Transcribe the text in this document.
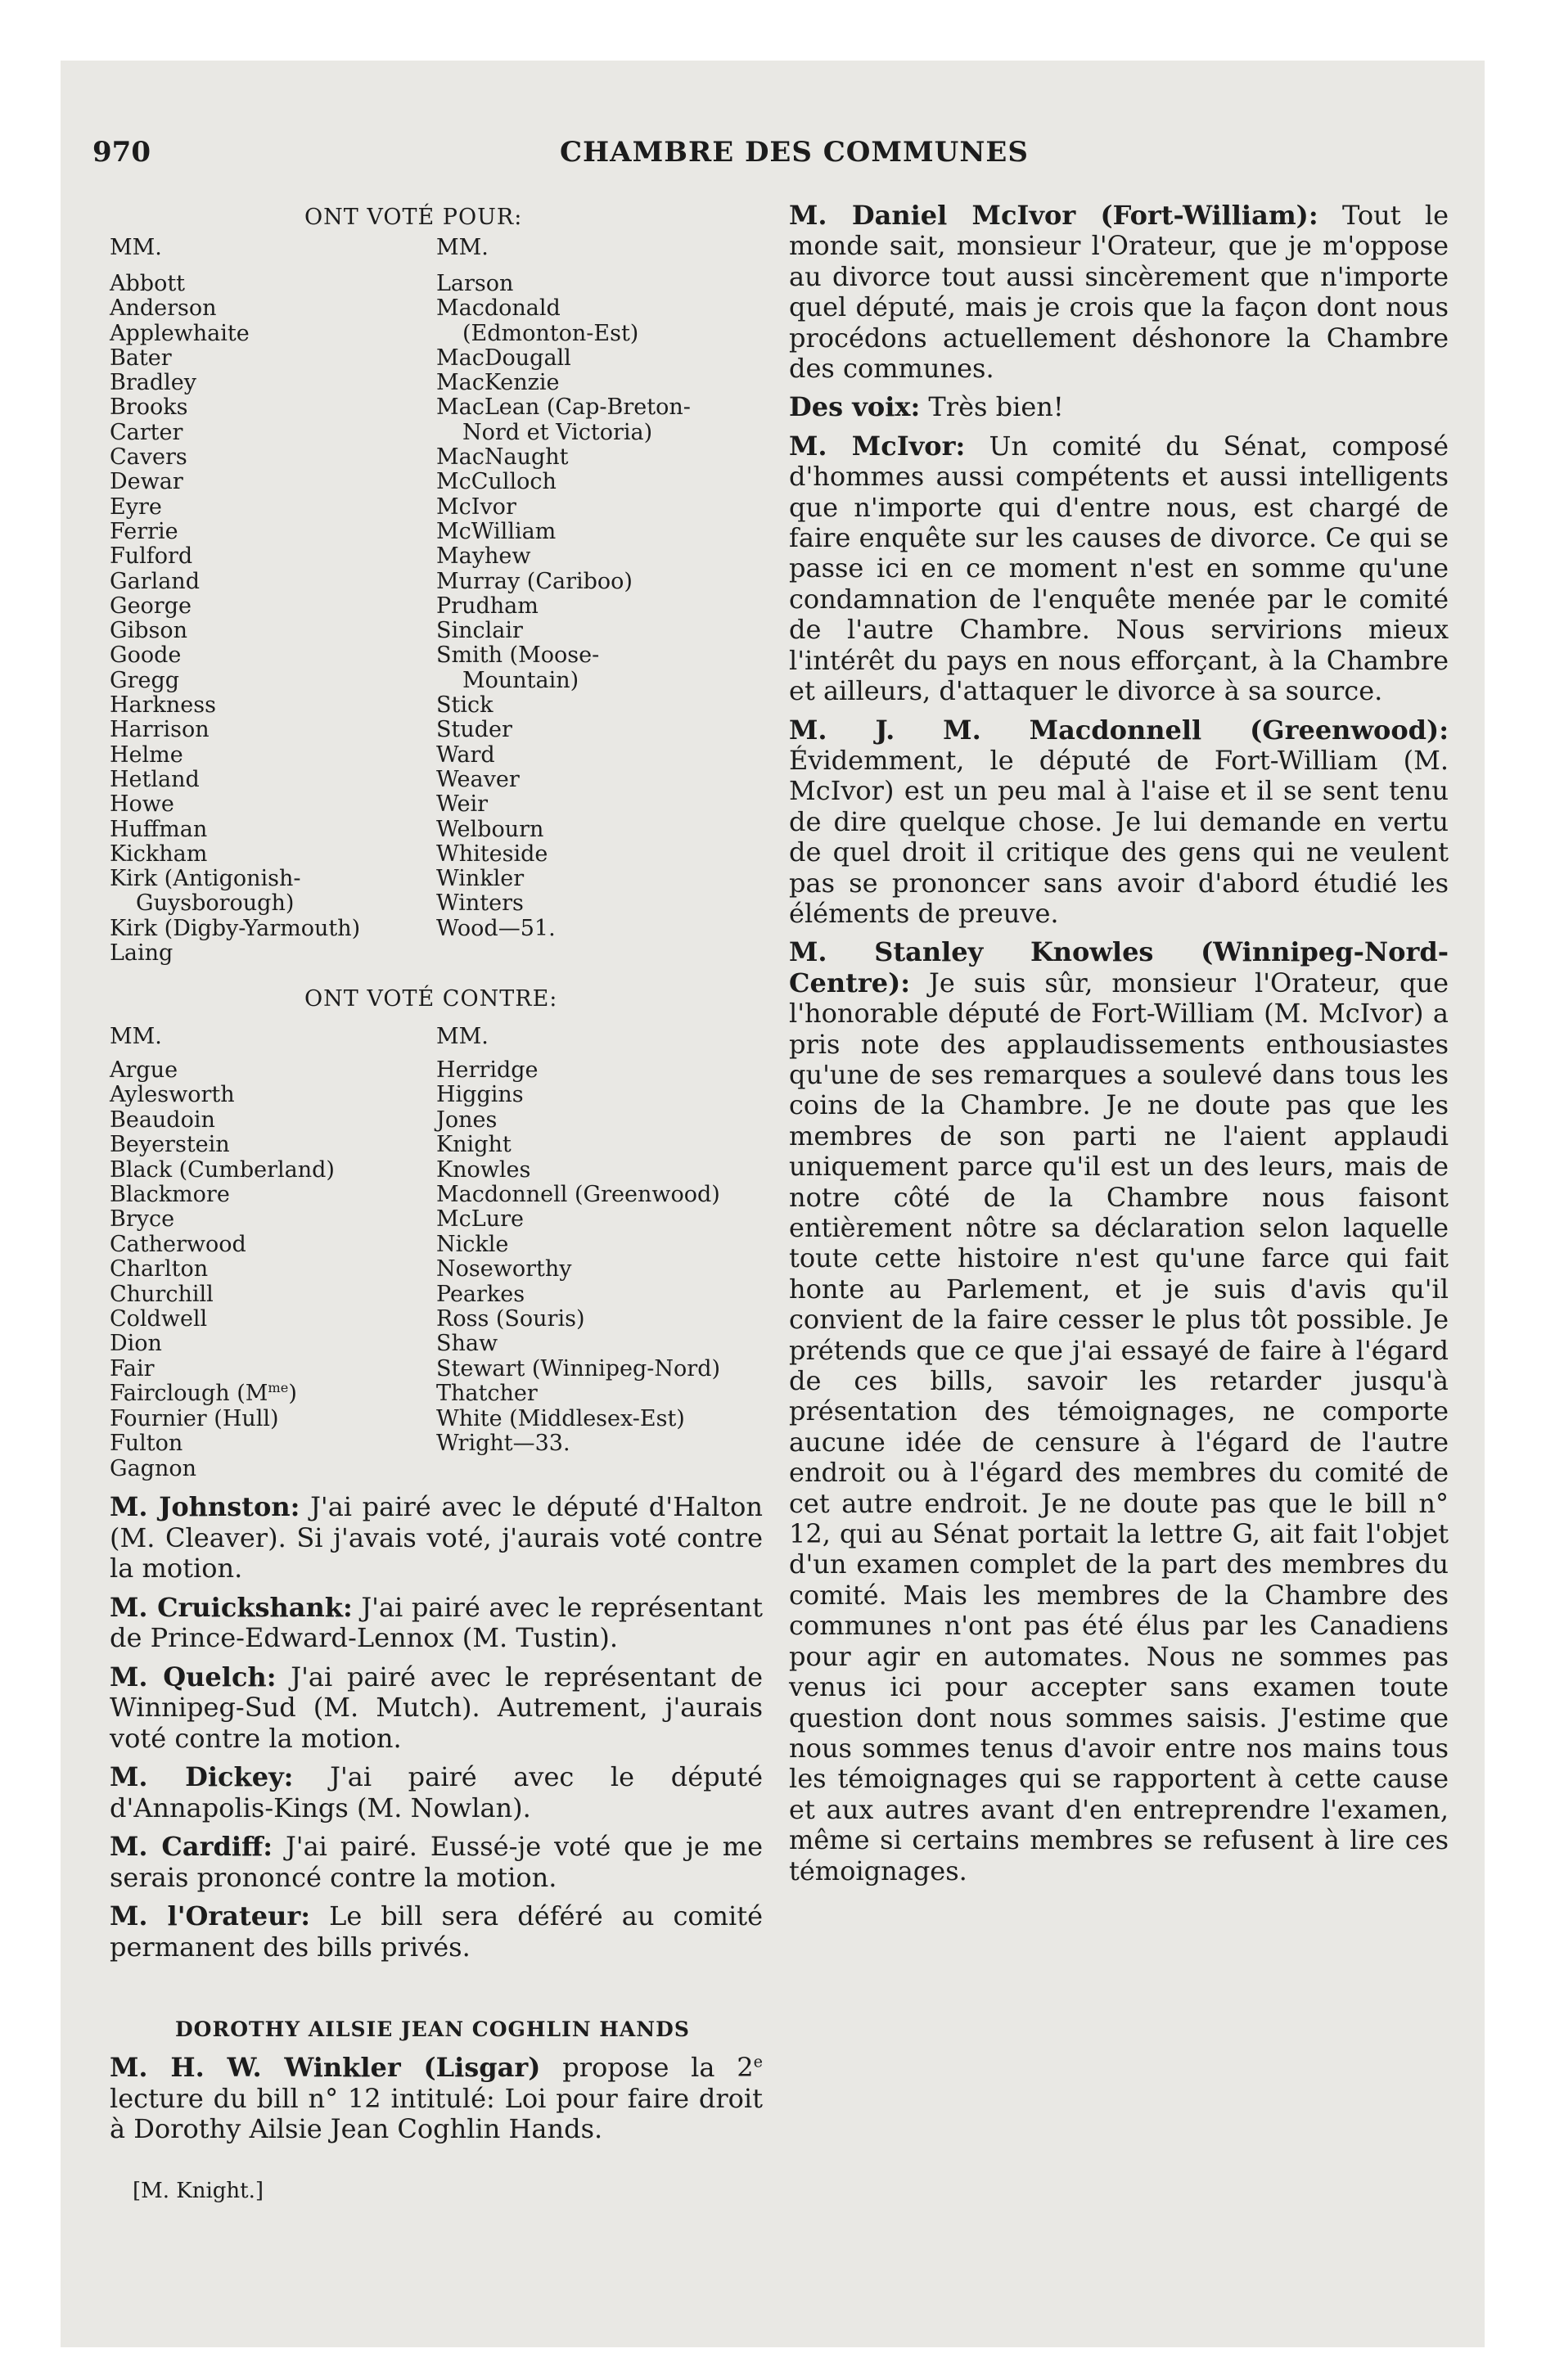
970	CHAMBRE DES COMMUNES
ONT VOTÉ POUR:
MM.	MM.
Abbott
Anderson
Applewhaite
Bater
Bradley
Brooks
Carter
Cavers
Dewar
Eyre
Ferrie
Fulford
Garland
George
Gibson
Goode
Gregg
Harkness
Harrison
Helme
Hetland
Howe
Huffman
Kickham
Kirk (Antigonish-
Guysborough)
Kirk (Digby-Yarmouth)
Laing
Larson
Macdonald
(Edmonton-Est)
MacDougall
MacKenzie
MacLean (Cap-Breton-
Nord et Victoria)
MacNaught
McCulloch
McIvor
McWilliam
Mayhew
Murray (Cariboo)
Prudham
Sinclair
Smith (Moose-
Mountain)
Stick
Studer
Ward
Weaver
Weir
Welbourn
Whiteside
Winkler
Winters
Wood—51.
ONT VOTÉ CONTRE:
MM.	MM.
Argue
Aylesworth
Beaudoin
Beyerstein
Black (Cumberland)
Blackmore
Bryce
Catherwood
Charlton
Churchill
Coldwell
Dion
Fair
Fairclough $(M^{me})$
Fournier (Hull)
Fulton
Gagnon
Herridge
Higgins
Jones
Knight
Knowles
Macdonnell (Greenwood)
McLure
Nickle
Noseworthy
Pearkes
Ross (Souris)
Shaw
Stewart (Winnipeg-Nord)
Thatcher
White (Middlesex-Est)
Wright—33.

M. Johnston: J'ai pairé avec le député d'Halton (M. Cleaver). Si j'avais voté, j'aurais voté contre la motion.

M. Cruickshank: J'ai pairé avec le représentant de Prince-Edward-Lennox (M. Tustin).

M. Quelch: J'ai pairé avec le représentant de Winnipeg-Sud (M. Mutch). Autrement, j'aurais voté contre la motion.

M. Dickey: J'ai pairé avec le député d'Annapolis-Kings (M. Nowlan).

M. Cardiff: J'ai pairé. Eussé-je voté que je me serais prononcé contre la motion.

M. l'Orateur: Le bill sera déféré au comité permanent des bills privés.

DOROTHY AILSIE JEAN COGHLIN HANDS

M. H. W. Winkler (Lisgar) propose la 2e lecture du bill n° 12 intitulé: Loi pour faire droit à Dorothy Ailsie Jean Coghlin Hands.

[M. Knight.]

M. Daniel McIvor (Fort-William): Tout le monde sait, monsieur l'Orateur, que je m'oppose au divorce tout aussi sincèrement que n'importe quel député, mais je crois que la façon dont nous procédons actuellement déshonore la Chambre des communes.

Des voix: Très bien!

M. McIvor: Un comité du Sénat, composé d'hommes aussi compétents et aussi intelligents que n'importe qui d'entre nous, est chargé de faire enquête sur les causes de divorce. Ce qui se passe ici en ce moment n'est en somme qu'une condamnation de l'enquête menée par le comité de l'autre Chambre. Nous servirions mieux l'intérêt du pays en nous efforçant, à la Chambre et ailleurs, d'attaquer le divorce à sa source.

M. J. M. Macdonnell (Greenwood): Évidemment, le député de Fort-William (M. McIvor) est un peu mal à l'aise et il se sent tenu de dire quelque chose. Je lui demande en vertu de quel droit il critique des gens qui ne veulent pas se prononcer sans avoir d'abord étudié les éléments de preuve.

M. Stanley Knowles (Winnipeg-Nord-Centre): Je suis sûr, monsieur l'Orateur, que l'honorable député de Fort-William (M. McIvor) a pris note des applaudissements enthousiastes qu'une de ses remarques a soulevé dans tous les coins de la Chambre. Je ne doute pas que les membres de son parti ne l'aient applaudi uniquement parce qu'il est un des leurs, mais de notre côté de la Chambre nous faisont entièrement nôtre sa déclaration selon laquelle toute cette histoire n'est qu'une farce qui fait honte au Parlement, et je suis d'avis qu'il convient de la faire cesser le plus tôt possible. Je prétends que ce que j'ai essayé de faire à l'égard de ces bills, savoir les retarder jusqu'à présentation des témoignages, ne comporte aucune idée de censure à l'égard de l'autre endroit ou à l'égard des membres du comité de cet autre endroit. Je ne doute pas que le bill n° 12, qui au Sénat portait la lettre G, ait fait l'objet d'un examen complet de la part des membres du comité. Mais les membres de la Chambre des communes n'ont pas été élus par les Canadiens pour agir en automates. Nous ne sommes pas venus ici pour accepter sans examen toute question dont nous sommes saisis. J'estime que nous sommes tenus d'avoir entre nos mains tous les témoignages qui se rapportent à cette cause et aux autres avant d'en entreprendre l'examen, même si certains membres se refusent à lire ces témoignages.
